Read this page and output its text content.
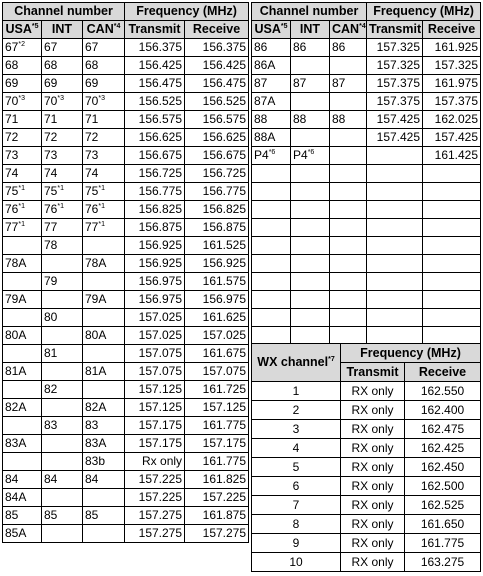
Channel number			Frequency (MHz)	
USA$^{*5}$	INT	CAN$^{*4}$	Transmit	Receive
67$^{*2}$	67	67	156.375	156.375
68	68	68	156.425	156.425
69	69	69	156.475	156.475
70$^{*3}$	70$^{*3}$	70$^{*3}$	156.525	156.525
71	71	71	156.575	156.575
72	72	72	156.625	156.625
73	73	73	156.675	156.675
74	74	74	156.725	156.725
75$^{*1}$	75$^{*1}$	75$^{*1}$	156.775	156.775
76$^{*1}$	76$^{*1}$	76$^{*1}$	156.825	156.825
77$^{*1}$	77	77$^{*1}$	156.875	156.875
	78		156.925	161.525
78A		78A	156.925	156.925
	79		156.975	161.575
79A		79A	156.975	156.975
	80		157.025	161.625
80A		80A	157.025	157.025
	81		157.075	161.675
81A		81A	157.075	157.075
	82		157.125	161.725
82A		82A	157.125	157.125
	83	83	157.175	161.775
83A		83A	157.175	157.175
		83b	Rx only	161.775
84	84	84	157.225	161.825
84A			157.225	157.225
85	85	85	157.275	161.875
85A			157.275	157.275
Channel number			Frequency (MHz)	
USA$^{*5}$	INT	CAN$^{*4}$	Transmit	Receive
86	86	86	157.325	161.925
86A			157.325	157.325
87	87	87	157.375	161.975
87A			157.375	157.375
88	88	88	157.425	162.025
88A			157.425	157.425
P4$^{*6}$	P4$^{*6}$			161.425

WX channel$^{*7}$	Frequency (MHz)	
	Transmit	Receive
1	RX only	162.550
2	RX only	162.400
3	RX only	162.475
4	RX only	162.425
5	RX only	162.450
6	RX only	162.500
7	RX only	162.525
8	RX only	161.650
9	RX only	161.775
10	RX only	163.275
